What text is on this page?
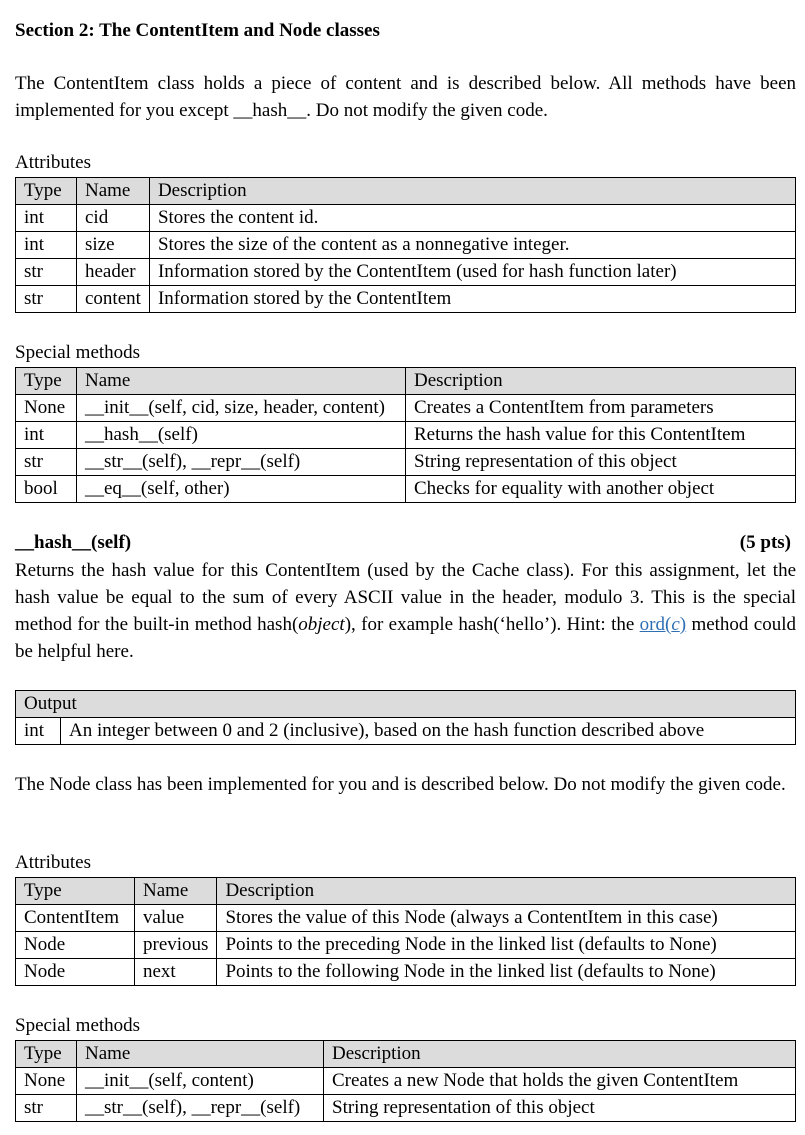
Section 2: The ContentItem and Node classes
The ContentItem class holds a piece of content and is described below. All methods have been implemented for you except __hash__. Do not modify the given code.
Attributes
Type	Name	Description
int	cid	Stores the content id.
int	size	Stores the size of the content as a nonnegative integer.
str	header	Information stored by the ContentItem (used for hash function later)
str	content	Information stored by the ContentItem
Special methods
Type	Name	Description
None	__init__(self, cid, size, header, content)	Creates a ContentItem from parameters
int	__hash__(self)	Returns the hash value for this ContentItem
str	__str__(self), __repr__(self)	String representation of this object
bool	__eq__(self, other)	Checks for equality with another object
__hash__(self)	(5 pts)
Returns the hash value for this ContentItem (used by the Cache class). For this assignment, let the hash value be equal to the sum of every ASCII value in the header, modulo 3. This is the special method for the built-in method hash(object), for example hash(‘hello’). Hint: the ord(c) method could be helpful here.
Output
int	An integer between 0 and 2 (inclusive), based on the hash function described above
The Node class has been implemented for you and is described below. Do not modify the given code.
Attributes
Type	Name	Description
ContentItem	value	Stores the value of this Node (always a ContentItem in this case)
Node	previous	Points to the preceding Node in the linked list (defaults to None)
Node	next	Points to the following Node in the linked list (defaults to None)
Special methods
Type	Name	Description
None	__init__(self, content)	Creates a new Node that holds the given ContentItem
str	__str__(self), __repr__(self)	String representation of this object
